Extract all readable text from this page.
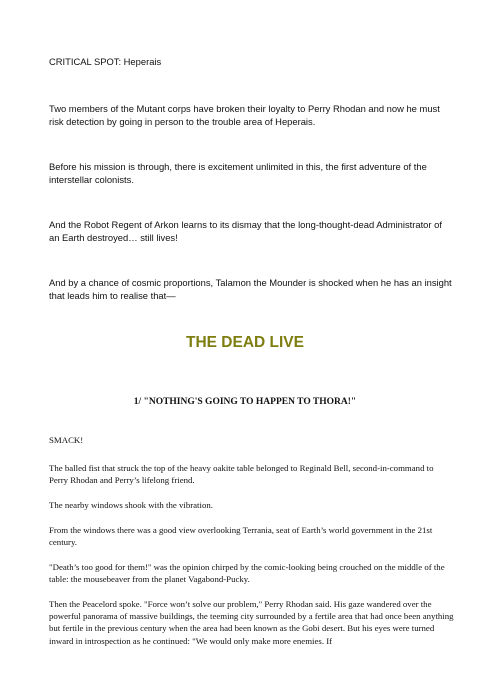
CRITICAL SPOT: Heperais

Two members of the Mutant corps have broken their loyalty to Perry Rhodan and now he must risk detection by going in person to the trouble area of Heperais.

Before his mission is through, there is excitement unlimited in this, the first adventure of the interstellar colonists.

And the Robot Regent of Arkon learns to its dismay that the long-thought-dead Administrator of an Earth destroyed… still lives!

And by a chance of cosmic proportions, Talamon the Mounder is shocked when he has an insight that leads him to realise that—

THE DEAD LIVE
1/ "NOTHING'S GOING TO HAPPEN TO THORA!"

SMACK!

The balled fist that struck the top of the heavy oakite table belonged to Reginald Bell, second-in-command to Perry Rhodan and Perry’s lifelong friend.

The nearby windows shook with the vibration.

From the windows there was a good view overlooking Terrania, seat of Earth’s world government in the 21st century.

"Death’s too good for them!" was the opinion chirped by the comic-looking being crouched on the middle of the table: the mousebeaver from the planet Vagabond-Pucky.

Then the Peacelord spoke. "Force won’t solve our problem," Perry Rhodan said. His gaze wandered over the powerful panorama of massive buildings, the teeming city surrounded by a fertile area that had once been anything but fertile in the previous century when the area had been known as the Gobi desert. But his eyes were turned inward in introspection as he continued: "We would only make more enemies. If
